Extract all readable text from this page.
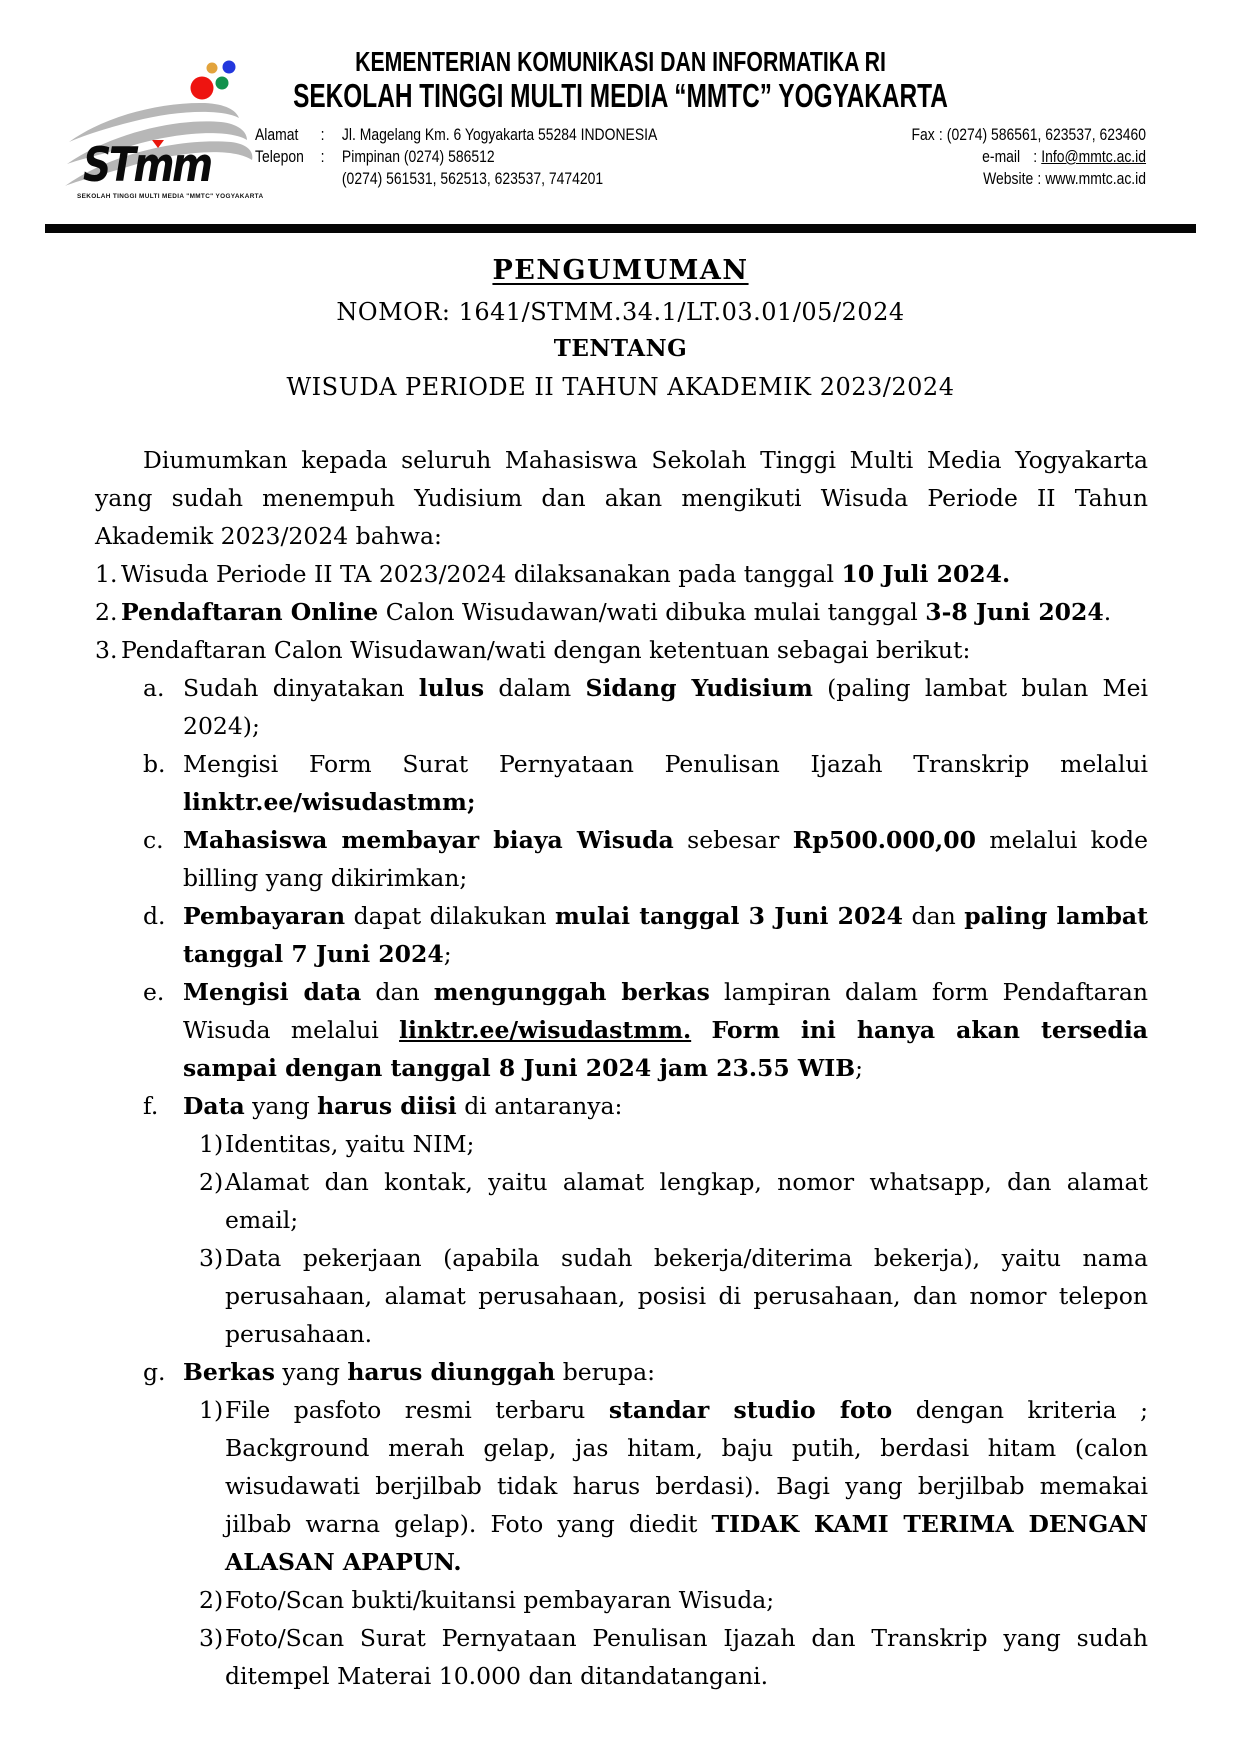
STmm
SEKOLAH TINGGI MULTI MEDIA "MMTC" YOGYAKARTA
KEMENTERIAN KOMUNIKASI DAN INFORMATIKA RI
SEKOLAH TINGGI MULTI MEDIA “MMTC” YOGYAKARTA
Alamat	:	Jl. Magelang Km. 6 Yogyakarta 55284 INDONESIA
Telepon :	Pimpinan (0274) 586512
(0274) 561531, 562513, 623537, 7474201
Fax : (0274) 586561, 623537, 623460
e-mail : Info@mmtc.ac.id
Website : www.mmtc.ac.id
PENGUMUMAN
NOMOR: 1641/STMM.34.1/LT.03.01/05/2024
TENTANG
WISUDA PERIODE II TAHUN AKADEMIK 2023/2024

Diumumkan kepada seluruh Mahasiswa Sekolah Tinggi Multi Media Yogyakarta yang sudah menempuh Yudisium dan akan mengikuti Wisuda Periode II Tahun Akademik 2023/2024 bahwa:

1. Wisuda Periode II TA 2023/2024 dilaksanakan pada tanggal 10 Juli 2024.
2. Pendaftaran Online Calon Wisudawan/wati dibuka mulai tanggal 3-8 Juni 2024.
3. Pendaftaran Calon Wisudawan/wati dengan ketentuan sebagai berikut:
a. Sudah dinyatakan lulus dalam Sidang Yudisium (paling lambat bulan Mei 2024);
b. Mengisi Form Surat Pernyataan Penulisan Ijazah Transkrip melalui linktr.ee/wisudastmm;
c. Mahasiswa membayar biaya Wisuda sebesar Rp500.000,00 melalui kode billing yang dikirimkan;
d. Pembayaran dapat dilakukan mulai tanggal 3 Juni 2024 dan paling lambat tanggal 7 Juni 2024;
e. Mengisi data dan mengunggah berkas lampiran dalam form Pendaftaran Wisuda melalui linktr.ee/wisudastmm. Form ini hanya akan tersedia sampai dengan tanggal 8 Juni 2024 jam 23.55 WIB;
f. Data yang harus diisi di antaranya:
1) Identitas, yaitu NIM;
2) Alamat dan kontak, yaitu alamat lengkap, nomor whatsapp, dan alamat email;
3) Data pekerjaan (apabila sudah bekerja/diterima bekerja), yaitu nama perusahaan, alamat perusahaan, posisi di perusahaan, dan nomor telepon perusahaan.
g. Berkas yang harus diunggah berupa:
1) File pasfoto resmi terbaru standar studio foto dengan kriteria ; Background merah gelap, jas hitam, baju putih, berdasi hitam (calon wisudawati berjilbab tidak harus berdasi). Bagi yang berjilbab memakai jilbab warna gelap). Foto yang diedit TIDAK KAMI TERIMA DENGAN ALASAN APAPUN.
2) Foto/Scan bukti/kuitansi pembayaran Wisuda;
3) Foto/Scan Surat Pernyataan Penulisan Ijazah dan Transkrip yang sudah ditempel Materai 10.000 dan ditandatangani.
